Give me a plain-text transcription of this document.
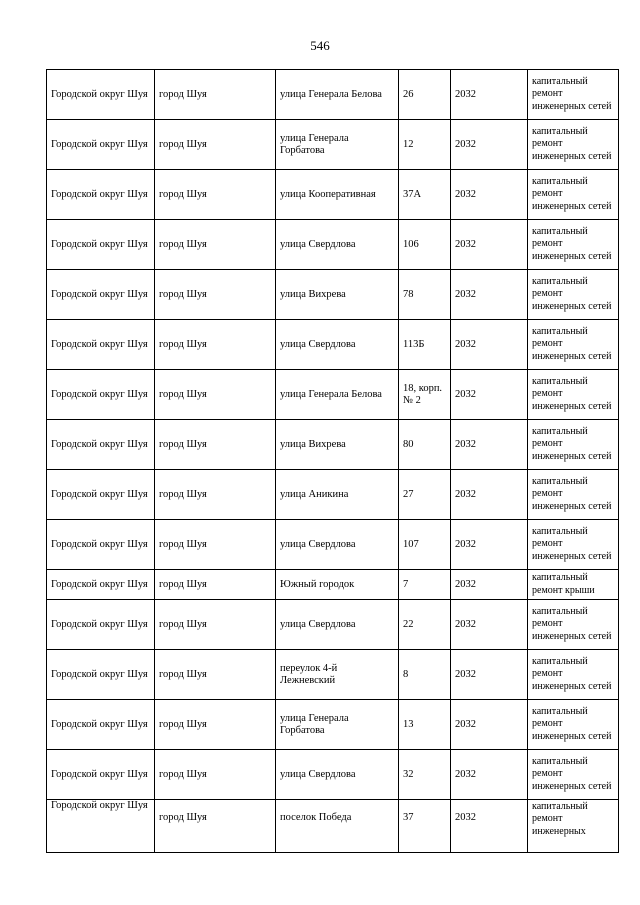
546
Городской округ Шуя	город Шуя	улица Генерала Белова	26	2032	капитальный ремонт инженерных сетей
Городской округ Шуя	город Шуя	улица Генерала Горбатова	12	2032	капитальный ремонт инженерных сетей
Городской округ Шуя	город Шуя	улица Кооперативная	37А	2032	капитальный ремонт инженерных сетей
Городской округ Шуя	город Шуя	улица Свердлова	106	2032	капитальный ремонт инженерных сетей
Городской округ Шуя	город Шуя	улица Вихрева	78	2032	капитальный ремонт инженерных сетей
Городской округ Шуя	город Шуя	улица Свердлова	113Б	2032	капитальный ремонт инженерных сетей
Городской округ Шуя	город Шуя	улица Генерала Белова	18, корп. № 2	2032	капитальный ремонт инженерных сетей
Городской округ Шуя	город Шуя	улица Вихрева	80	2032	капитальный ремонт инженерных сетей
Городской округ Шуя	город Шуя	улица Аникина	27	2032	капитальный ремонт инженерных сетей
Городской округ Шуя	город Шуя	улица Свердлова	107	2032	капитальный ремонт инженерных сетей
Городской округ Шуя	город Шуя	Южный городок	7	2032	капитальный ремонт крыши
Городской округ Шуя	город Шуя	улица Свердлова	22	2032	капитальный ремонт инженерных сетей
Городской округ Шуя	город Шуя	переулок 4-й Лежневский	8	2032	капитальный ремонт инженерных сетей
Городской округ Шуя	город Шуя	улица Генерала Горбатова	13	2032	капитальный ремонт инженерных сетей
Городской округ Шуя	город Шуя	улица Свердлова	32	2032	капитальный ремонт инженерных сетей
Городской округ Шуя	город Шуя	поселок Победа	37	2032	капитальный ремонт инженерных
